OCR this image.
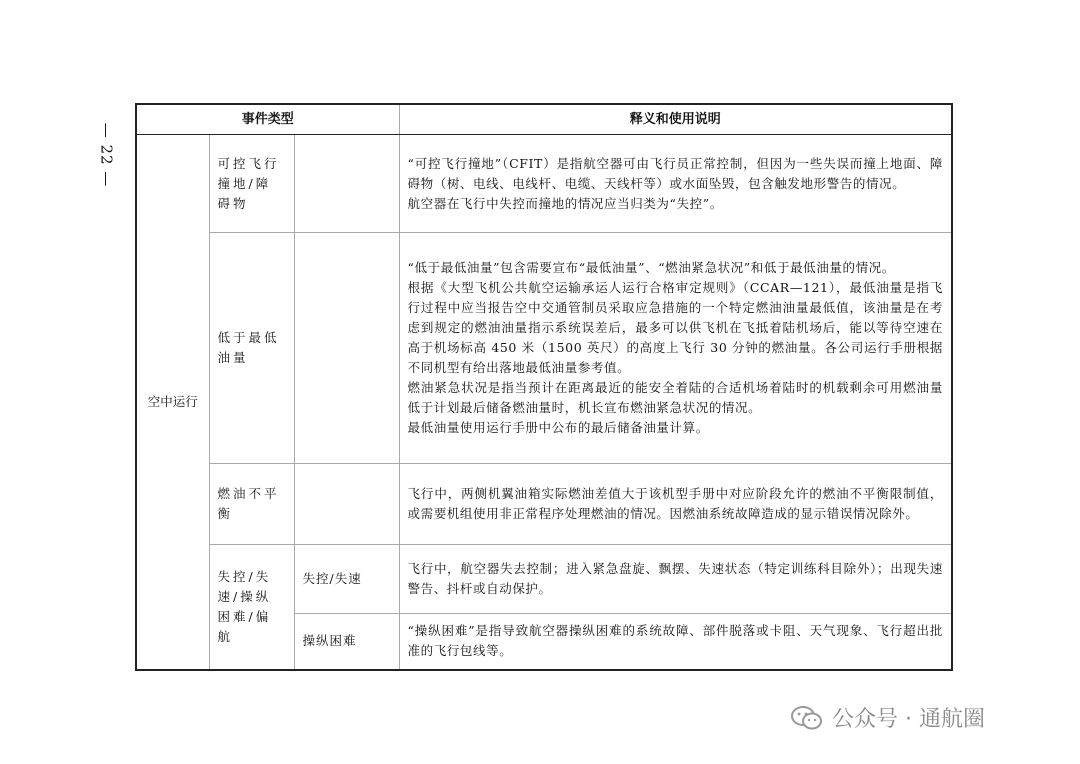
— 22 —
事件类型			释义和使用说明
空中运行	可控飞行撞地/障碍物		“可控飞行撞地”（CFIT）是指航空器可由飞行员正常控制，但因为一些失误而撞上地面、障碍物（树、电线、电线杆、电缆、天线杆等）或水面坠毁，包含触发地形警告的情况。

航空器在飞行中失控而撞地的情况应当归类为“失控”。

	低于最低油量		“低于最低油量”包含需要宣布“最低油量”、“燃油紧急状况”和低于最低油量的情况。

根据《大型飞机公共航空运输承运人运行合格审定规则》（CCAR—121），最低油量是指飞行过程中应当报告空中交通管制员采取应急措施的一个特定燃油油量最低值，该油量是在考虑到规定的燃油油量指示系统误差后，最多可以供飞机在飞抵着陆机场后，能以等待空速在高于机场标高 450 米（1500 英尺）的高度上飞行 30 分钟的燃油量。各公司运行手册根据不同机型有给出落地最低油量参考值。

燃油紧急状况是指当预计在距离最近的能安全着陆的合适机场着陆时的机载剩余可用燃油量低于计划最后储备燃油量时，机长宣布燃油紧急状况的情况。

最低油量使用运行手册中公布的最后储备油量计算。

	燃油不平衡		飞行中，两侧机翼油箱实际燃油差值大于该机型手册中对应阶段允许的燃油不平衡限制值，或需要机组使用非正常程序处理燃油的情况。因燃油系统故障造成的显示错误情况除外。

	失控/失速/操纵困难/偏航	失控/失速	飞行中，航空器失去控制；进入紧急盘旋、飘摆、失速状态（特定训练科目除外）；出现失速警告、抖杆或自动保护。

		操纵困难	“操纵困难”是指导致航空器操纵困难的系统故障、部件脱落或卡阻、天气现象、飞行超出批准的飞行包线等。

公众号 · 通航圈
